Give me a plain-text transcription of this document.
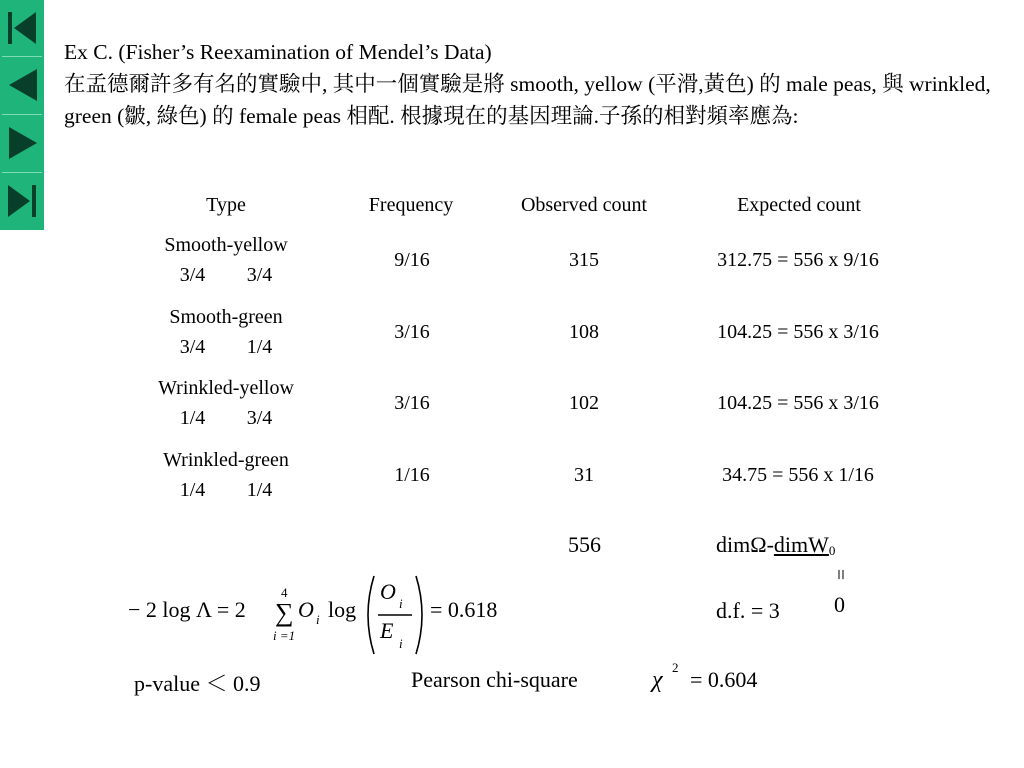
Ex C. (Fisher’s Reexamination of Mendel’s Data)
在孟德爾許多有名的實驗中, 其中一個實驗是將 smooth, yellow (平滑,黃色) 的 male peas, 與 wrinkled, green (皺, 綠色) 的 female peas 相配. 根據現在的基因理論.子孫的相對頻率應為:
Type	Frequency	Observed count	Expected count
Smooth-yellow
3/4 3/4
9/16	315	312.75 = 556 x 9/16
Smooth-green
3/4 1/4
3/16	108	104.25 = 556 x 3/16
Wrinkled-yellow
1/4 3/4
3/16	102	104.25 = 556 x 3/16
Wrinkled-green
1/4 1/4
1/16	31	34.75 = 556 x 1/16
556	dimΩ-dimW$_0$
=
0
d.f. = 3
− 2 log Λ = 2 ∑
4
i =1
O i log
O i
E
i
= 0.618
p-value ＜ 0.9	Pearson chi-square	χ 2 = 0.604
